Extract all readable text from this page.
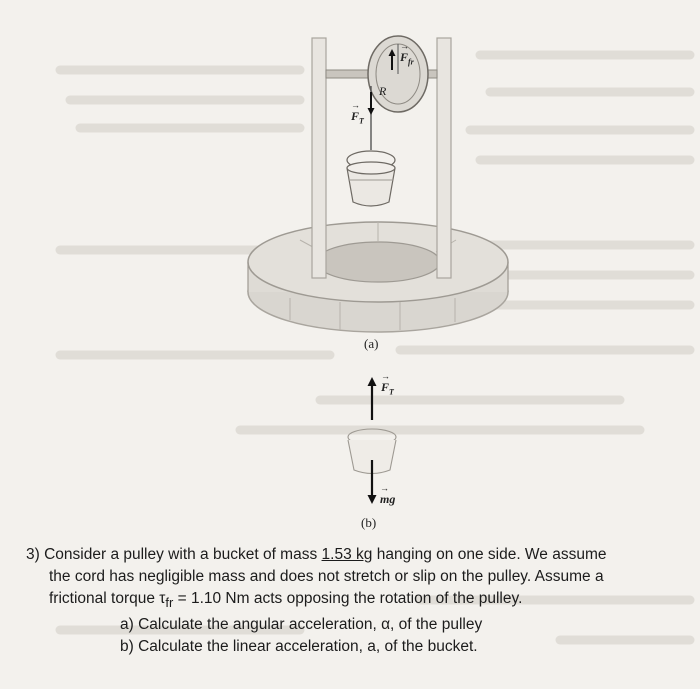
→ $F_{fr}$
→ $F_T$
R
(a)
→ $F_T$
→ mg
(b)

3) Consider a pulley with a bucket of mass 1.53 kg hanging on one side. We assume

the cord has negligible mass and does not stretch or slip on the pulley. Assume a

frictional torque $\tau_{fr} = 1.10$ Nm acts opposing the rotation of the pulley.

a) Calculate the angular acceleration, α, of the pulley

b) Calculate the linear acceleration, a, of the bucket.
